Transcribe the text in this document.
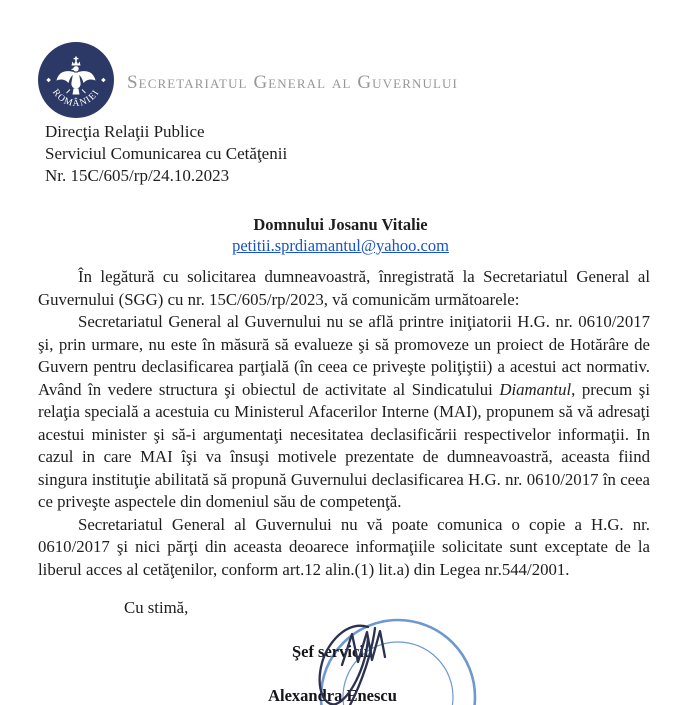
ROMÂNIEI Secretariatul General al Guvernului
Direcţia Relaţii Publice
Serviciul Comunicarea cu Cetăţenii
Nr. 15C/605/rp/24.10.2023
Domnului Josanu Vitalie
petitii.sprdiamantul@yahoo.com

În legătură cu solicitarea dumneavoastră, înregistrată la Secretariatul General al Guvernului (SGG) cu nr. 15C/605/rp/2023, vă comunicăm următoarele:

Secretariatul General al Guvernului nu se află printre iniţiatorii H.G. nr. 0610/2017 şi, prin urmare, nu este în măsură să evalueze şi să promoveze un proiect de Hotărâre de Guvern pentru declasificarea parţială (în ceea ce priveşte poliţiştii) a acestui act normativ. Având în vedere structura şi obiectul de activitate al Sindicatului Diamantul, precum şi relaţia specială a acestuia cu Ministerul Afacerilor Interne (MAI), propunem să vă adresaţi acestui minister şi să-i argumentaţi necesitatea declasificării respectivelor informaţii. In cazul in care MAI îşi va însuşi motivele prezentate de dumneavoastră, aceasta fiind singura instituţie abilitată să propună Guvernului declasificarea H.G. nr. 0610/2017 în ceea ce priveşte aspectele din domeniul său de competenţă.

Secretariatul General al Guvernului nu vă poate comunica o copie a H.G. nr. 0610/2017 şi nici părţi din aceasta deoarece informaţiile solicitate sunt exceptate de la liberul acces al cetăţenilor, conform art.12 alin.(1) lit.a) din Legea nr.544/2001.

Cu stimă,
Şef serviciu
Alexandra Enescu
